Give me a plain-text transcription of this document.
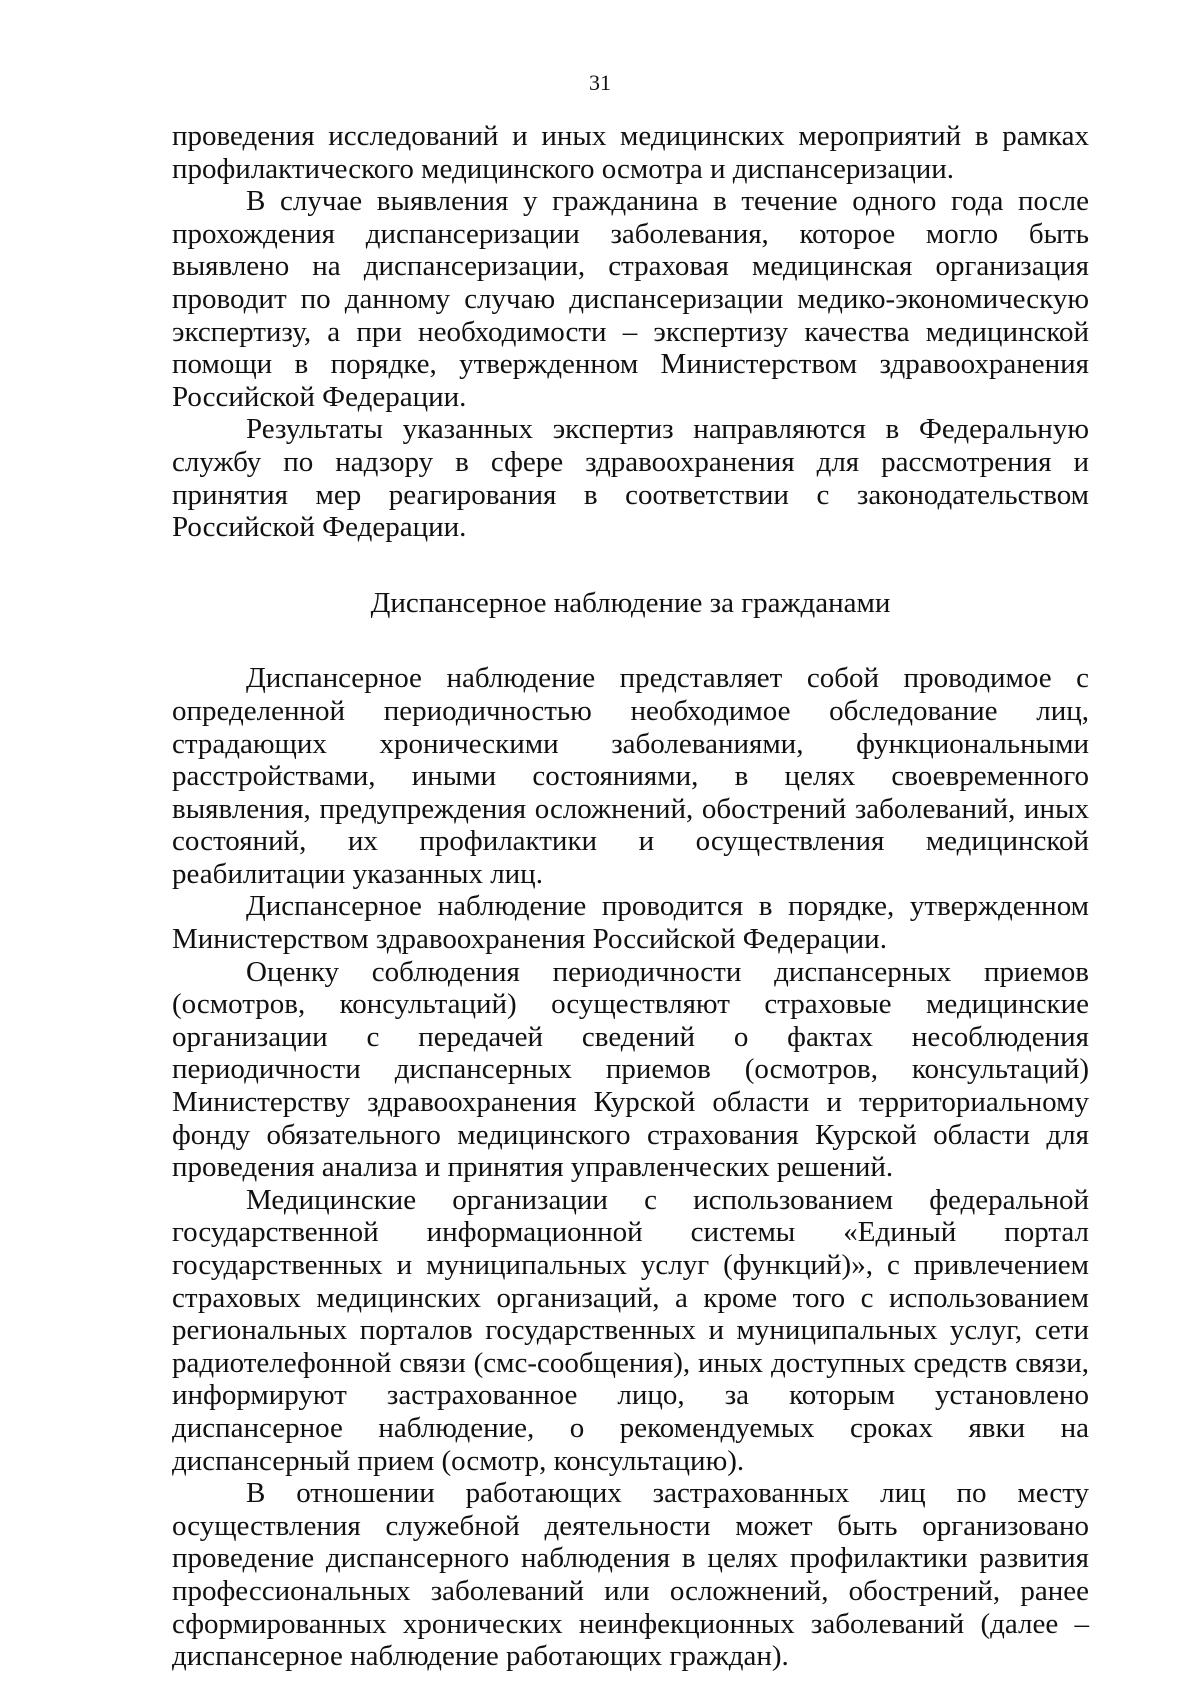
31

проведения исследований и иных медицинских мероприятий в рамках профилактического медицинского осмотра и диспансеризации.

В случае выявления у гражданина в течение одного года после прохождения диспансеризации заболевания, которое могло быть выявлено на диспансеризации, страховая медицинская организация проводит по данному случаю диспансеризации медико-экономическую экспертизу, а при необходимости – экспертизу качества медицинской помощи в порядке, утвержденном Министерством здравоохранения Российской Федерации.

Результаты указанных экспертиз направляются в Федеральную службу по надзору в сфере здравоохранения для рассмотрения и принятия мер реагирования в соответствии с законодательством Российской Федерации.

Диспансерное наблюдение за гражданами

Диспансерное наблюдение представляет собой проводимое с определенной периодичностью необходимое обследование лиц, страдающих хроническими заболеваниями, функциональными расстройствами, иными состояниями, в целях своевременного выявления, предупреждения осложнений, обострений заболеваний, иных состояний, их профилактики и осуществления медицинской реабилитации указанных лиц.

Диспансерное наблюдение проводится в порядке, утвержденном Министерством здравоохранения Российской Федерации.

Оценку соблюдения периодичности диспансерных приемов (осмотров, консультаций) осуществляют страховые медицинские организации с передачей сведений о фактах несоблюдения периодичности диспансерных приемов (осмотров, консультаций) Министерству здравоохранения Курской области и территориальному фонду обязательного медицинского страхования Курской области для проведения анализа и принятия управленческих решений.

Медицинские организации с использованием федеральной государственной информационной системы «Единый портал государственных и муниципальных услуг (функций)», с привлечением страховых медицинских организаций, а кроме того с использованием региональных порталов государственных и муниципальных услуг, сети радиотелефонной связи (смс-сообщения), иных доступных средств связи, информируют застрахованное лицо, за которым установлено диспансерное наблюдение, о рекомендуемых сроках явки на диспансерный прием (осмотр, консультацию).

В отношении работающих застрахованных лиц по месту осуществления служебной деятельности может быть организовано проведение диспансерного наблюдения в целях профилактики развития профессиональных заболеваний или осложнений, обострений, ранее сформированных хронических неинфекционных заболеваний (далее – диспансерное наблюдение работающих граждан).
